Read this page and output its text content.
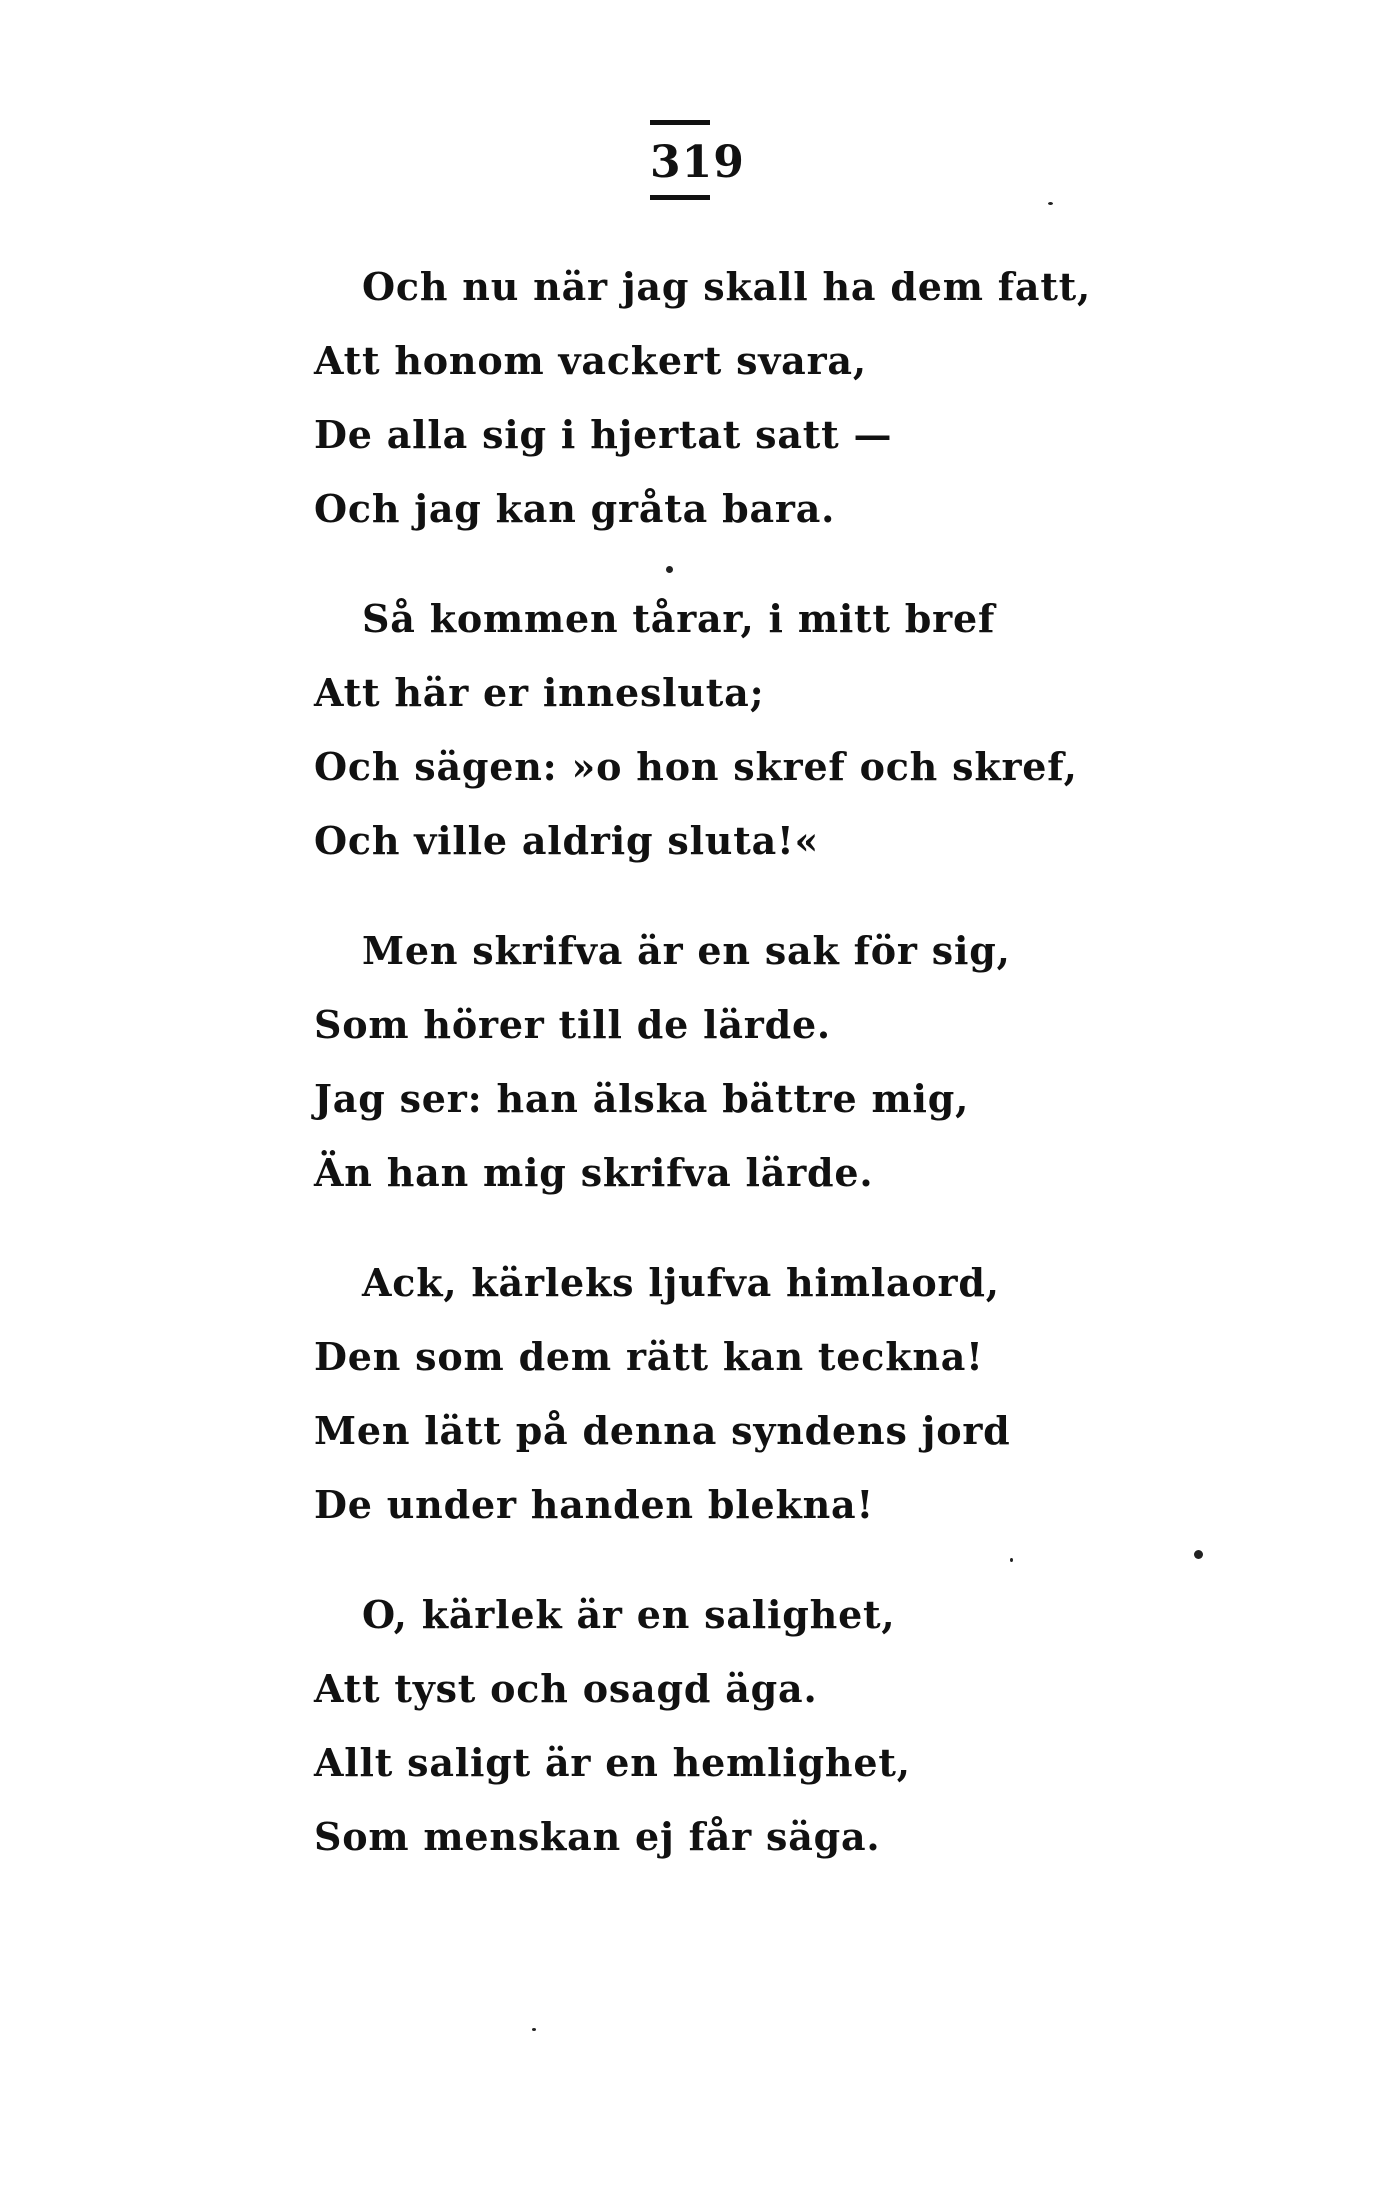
319
Och nu när jag skall ha dem fatt,
Att honom vackert svara,
De alla sig i hjertat satt —
Och jag kan gråta bara.
Så kommen tårar, i mitt bref
Att här er innesluta;
Och sägen: »o hon skref och skref,
Och ville aldrig sluta!«
Men skrifva är en sak för sig,
Som hörer till de lärde.
Jag ser: han älska bättre mig,
Än han mig skrifva lärde.
Ack, kärleks ljufva himlaord,
Den som dem rätt kan teckna!
Men lätt på denna syndens jord
De under handen blekna!
O, kärlek är en salighet,
Att tyst och osagd äga.
Allt saligt är en hemlighet,
Som menskan ej får säga.
